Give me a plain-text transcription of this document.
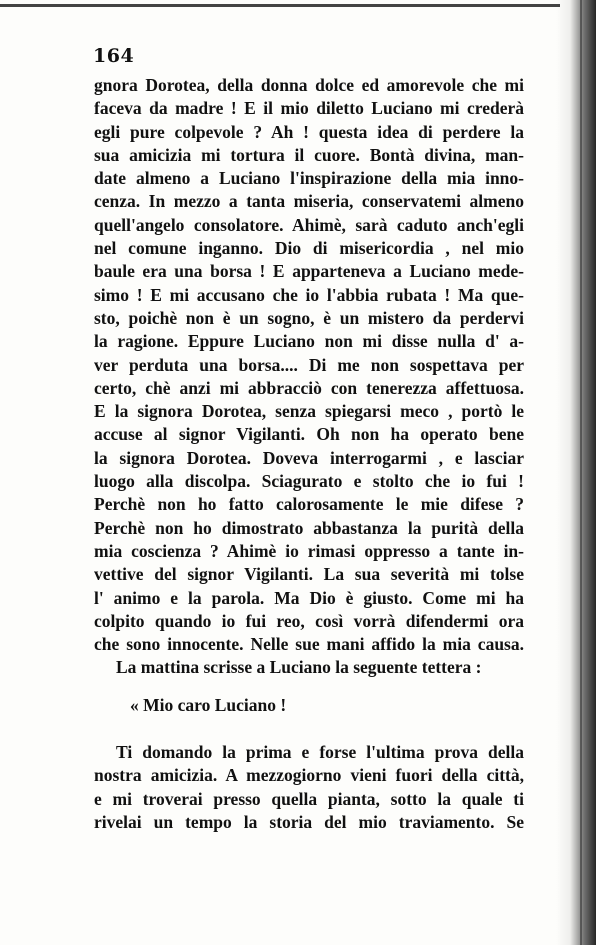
164
gnora Dorotea, della donna dolce ed amorevole che mi
faceva da madre ! E il mio diletto Luciano mi crederà
egli pure colpevole ? Ah ! questa idea di perdere la
sua amicizia mi tortura il cuore. Bontà divina, man-
date almeno a Luciano l'inspirazione della mia inno-
cenza. In mezzo a tanta miseria, conservatemi almeno
quell'angelo consolatore. Ahimè, sarà caduto anch'egli
nel comune inganno. Dio di misericordia , nel mio
baule era una borsa ! E apparteneva a Luciano mede-
simo ! E mi accusano che io l'abbia rubata ! Ma que-
sto, poichè non è un sogno, è un mistero da perdervi
la ragione. Eppure Luciano non mi disse nulla d' a-
ver perduta una borsa.... Di me non sospettava per
certo, chè anzi mi abbracciò con tenerezza affettuosa.
E la signora Dorotea, senza spiegarsi meco , portò le
accuse al signor Vigilanti. Oh non ha operato bene
la signora Dorotea. Doveva interrogarmi , e lasciar
luogo alla discolpa. Sciagurato e stolto che io fui !
Perchè non ho fatto calorosamente le mie difese ?
Perchè non ho dimostrato abbastanza la purità della
mia coscienza ? Ahimè io rimasi oppresso a tante in-
vettive del signor Vigilanti. La sua severità mi tolse
l' animo e la parola. Ma Dio è giusto. Come mi ha
colpito quando io fui reo, così vorrà difendermi ora
che sono innocente. Nelle sue mani affido la mia causa.
La mattina scrisse a Luciano la seguente tettera :
« Mio caro Luciano !
Ti domando la prima e forse l'ultima prova della
nostra amicizia. A mezzogiorno vieni fuori della città,
e mi troverai presso quella pianta, sotto la quale ti
rivelai un tempo la storia del mio traviamento. Se
